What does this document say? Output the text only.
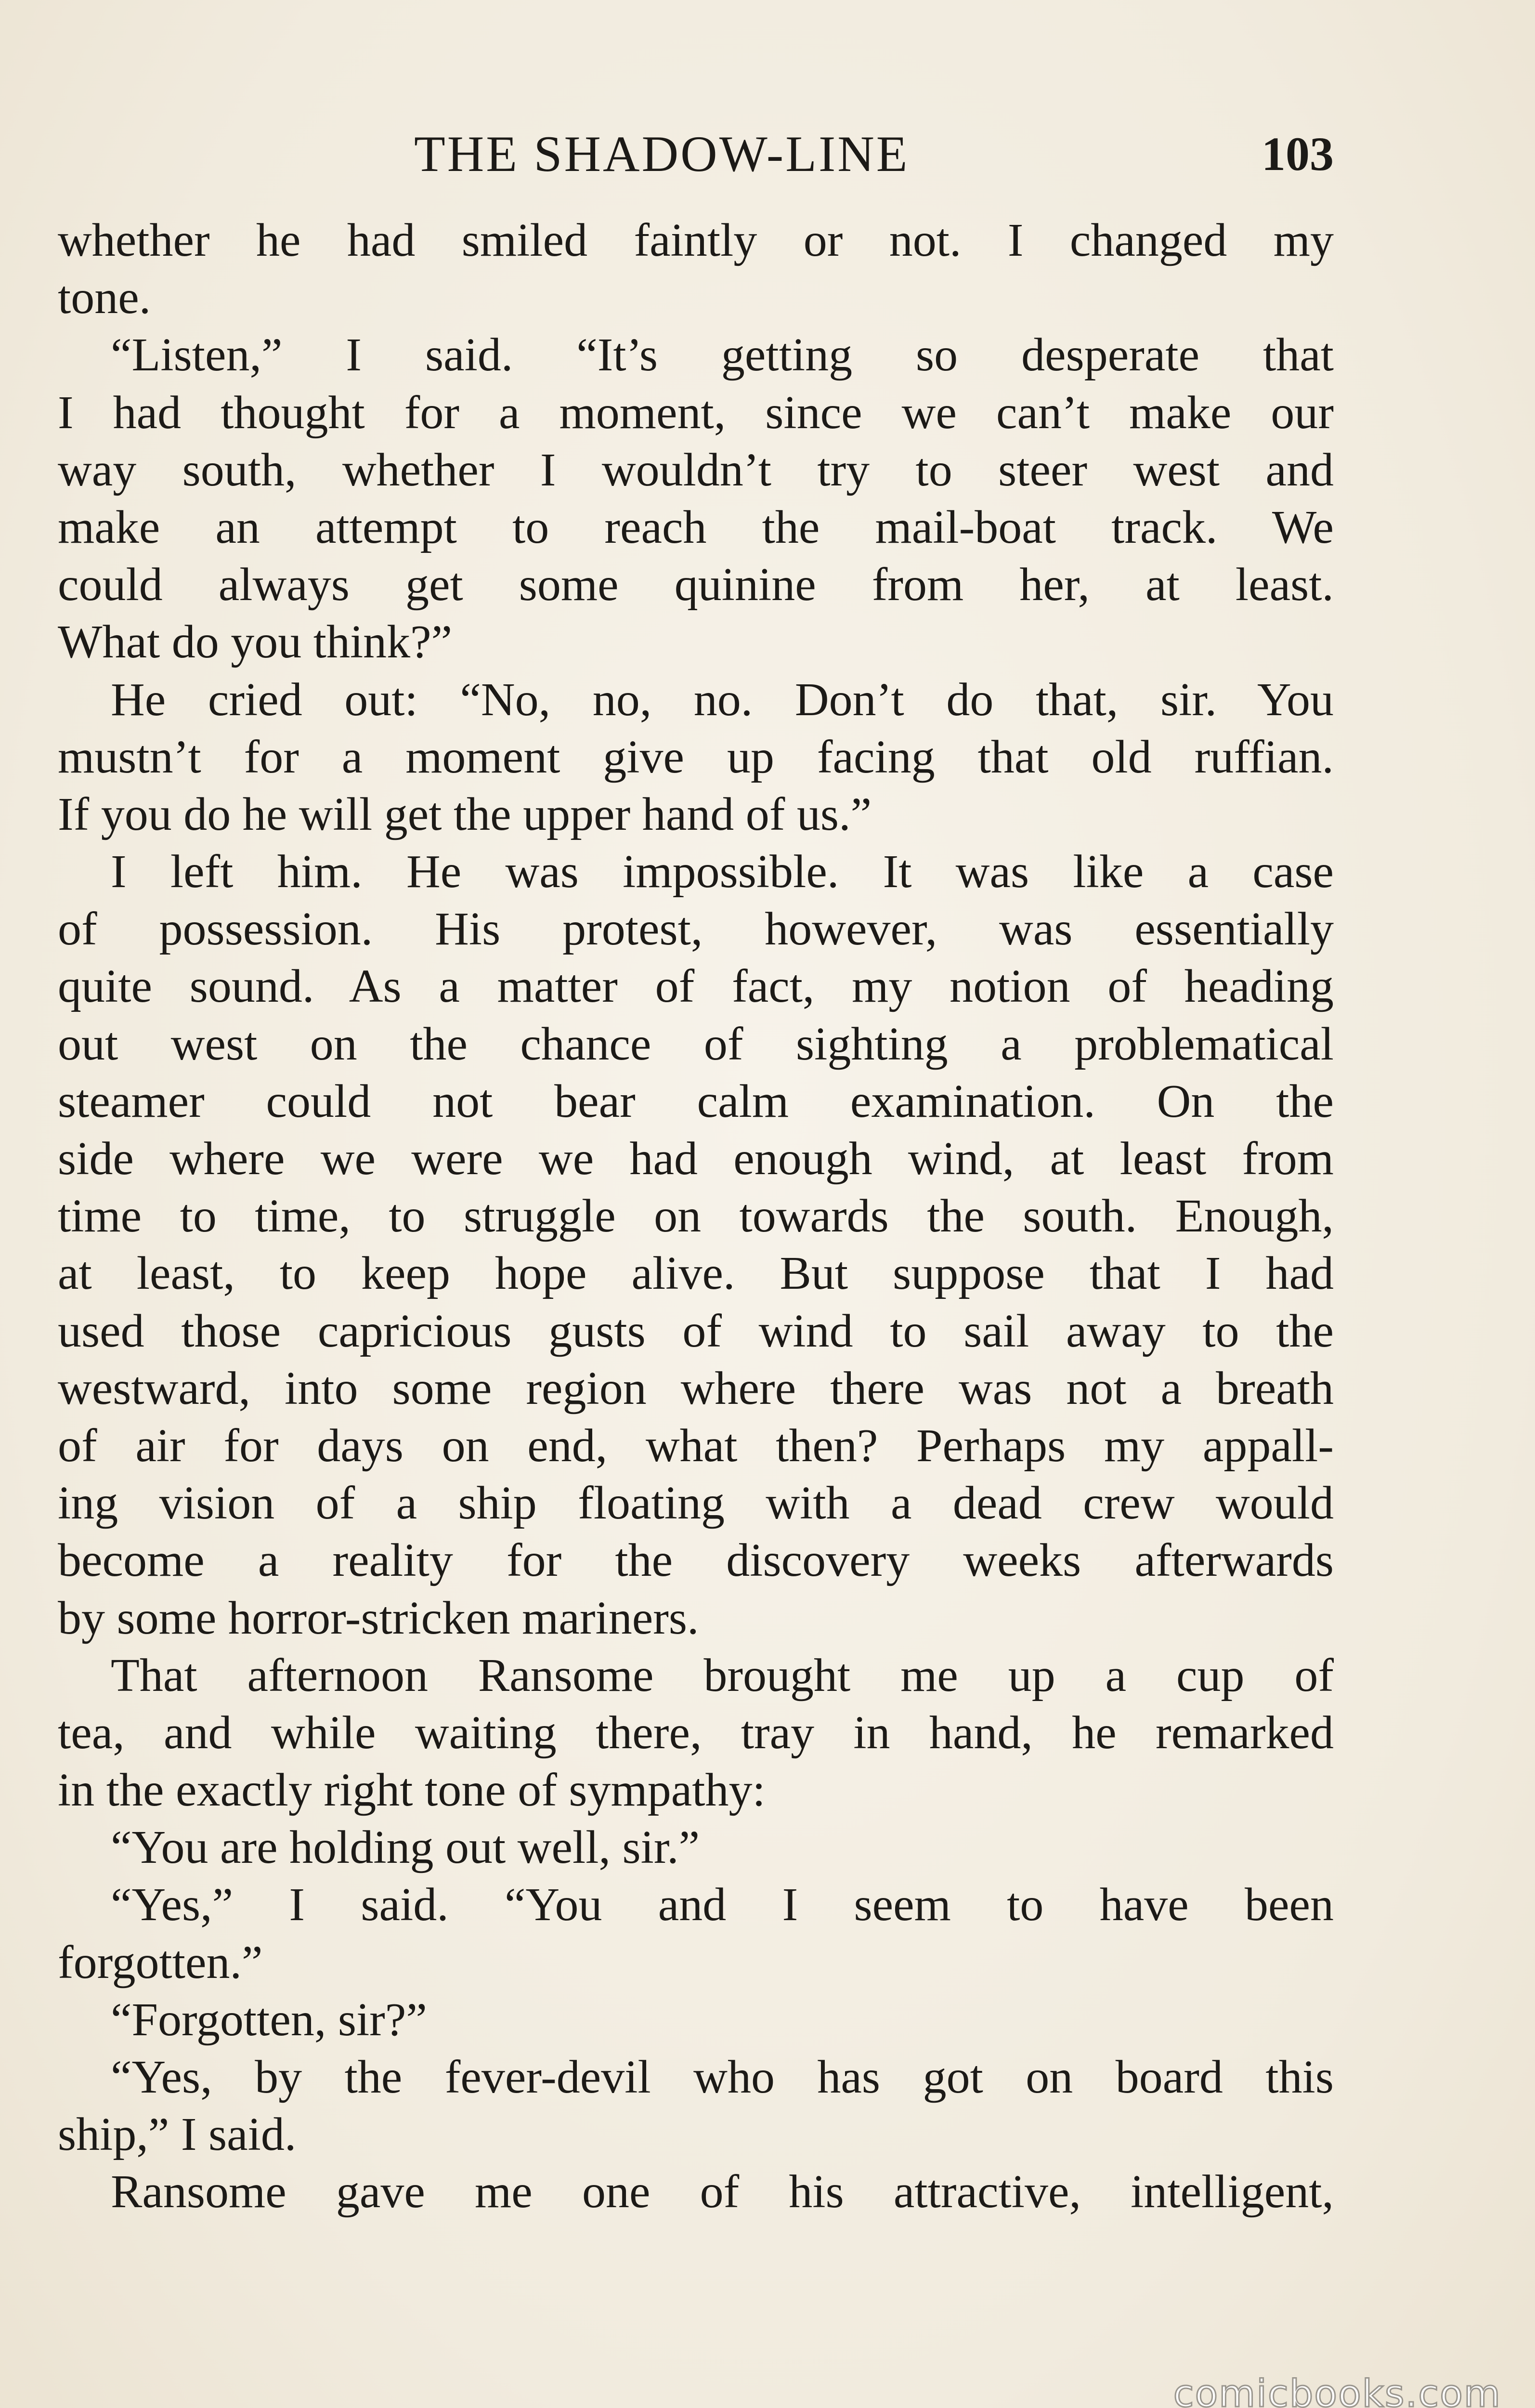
THE SHADOW-LINE	103
whether he had smiled faintly or not. I changed my
tone.
“Listen,” I said. “It’s getting so desperate that
I had thought for a moment, since we can’t make our
way south, whether I wouldn’t try to steer west and
make an attempt to reach the mail-boat track. We
could always get some quinine from her, at least.
What do you think?”
He cried out: “No, no, no. Don’t do that, sir. You
mustn’t for a moment give up facing that old ruffian.
If you do he will get the upper hand of us.”
I left him. He was impossible. It was like a case
of possession. His protest, however, was essentially
quite sound. As a matter of fact, my notion of heading
out west on the chance of sighting a problematical
steamer could not bear calm examination. On the
side where we were we had enough wind, at least from
time to time, to struggle on towards the south. Enough,
at least, to keep hope alive. But suppose that I had
used those capricious gusts of wind to sail away to the
westward, into some region where there was not a breath
of air for days on end, what then? Perhaps my appall-
ing vision of a ship floating with a dead crew would
become a reality for the discovery weeks afterwards
by some horror-stricken mariners.
That afternoon Ransome brought me up a cup of
tea, and while waiting there, tray in hand, he remarked
in the exactly right tone of sympathy:
“You are holding out well, sir.”
“Yes,” I said. “You and I seem to have been
forgotten.”
“Forgotten, sir?”
“Yes, by the fever-devil who has got on board this
ship,” I said.
Ransome gave me one of his attractive, intelligent,
comicbooks.com
